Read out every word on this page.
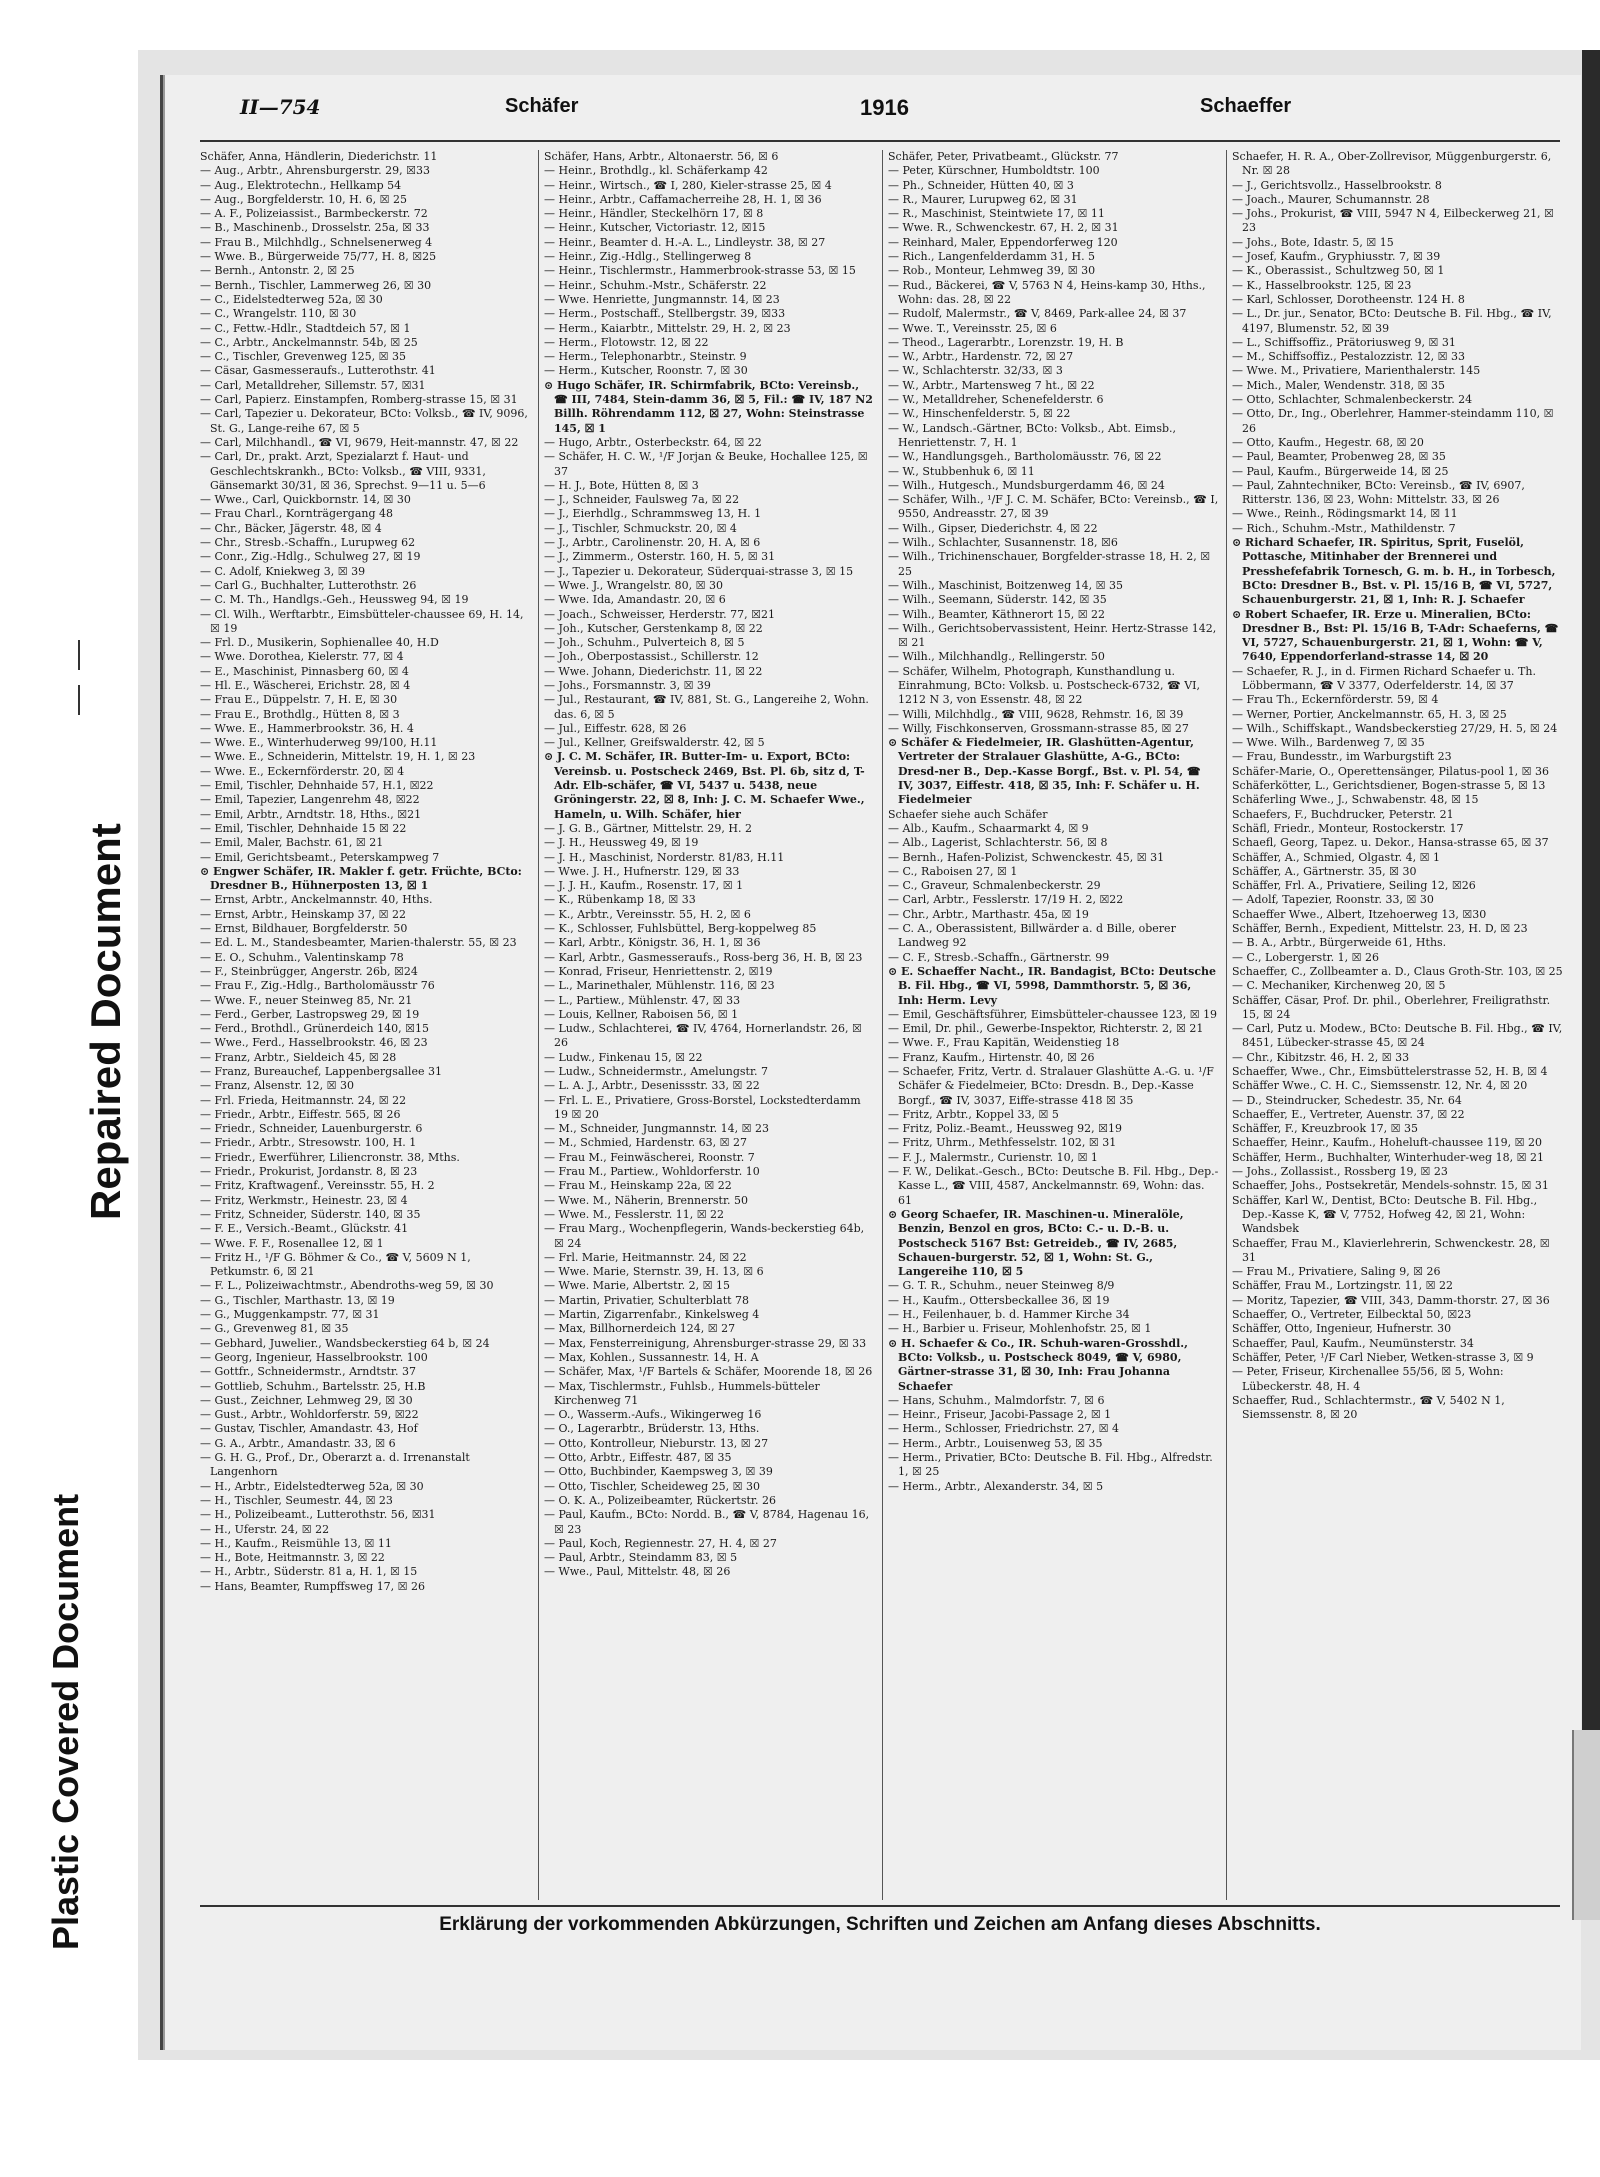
Plastic Covered Document
Repaired Document
II—754	Schäfer	1916	Schaeffer

Schäfer, Anna, Händlerin, Diederichstr. 11

— Aug., Arbtr., Ahrensburgerstr. 29, ☒33

— Aug., Elektrotechn., Hellkamp 54

— Aug., Borgfelderstr. 10, H. 6, ☒ 25

— A. F., Polizeiassist., Barmbeckerstr. 72

— B., Maschinenb., Drosselstr. 25a, ☒ 33

— Frau B., Milchhdlg., Schnelsenerweg 4

— Wwe. B., Bürgerweide 75/77, H. 8, ☒25

— Bernh., Antonstr. 2, ☒ 25

— Bernh., Tischler, Lammerweg 26, ☒ 30

— C., Eidelstedterweg 52a, ☒ 30

— C., Wrangelstr. 110, ☒ 30

— C., Fettw.-Hdlr., Stadtdeich 57, ☒ 1

— C., Arbtr., Anckelmannstr. 54b, ☒ 25

— C., Tischler, Grevenweg 125, ☒ 35

— Cäsar, Gasmesseraufs., Lutterothstr. 41

— Carl, Metalldreher, Sillemstr. 57, ☒31

— Carl, Papierz. Einstampfen, Romberg-strasse 15, ☒ 31

— Carl, Tapezier u. Dekorateur, BCto: Volksb., ☎ IV, 9096, St. G., Lange-reihe 67, ☒ 5

— Carl, Milchhandl., ☎ VI, 9679, Heit-mannstr. 47, ☒ 22

— Carl, Dr., prakt. Arzt, Spezialarzt f. Haut- und Geschlechtskrankh., BCto: Volksb., ☎ VIII, 9331, Gänsemarkt 30/31, ☒ 36, Sprechst. 9—11 u. 5—6

— Wwe., Carl, Quickbornstr. 14, ☒ 30

— Frau Charl., Kornträgergang 48

— Chr., Bäcker, Jägerstr. 48, ☒ 4

— Chr., Stresb.-Schaffn., Lurupweg 62

— Conr., Zig.-Hdlg., Schulweg 27, ☒ 19

— C. Adolf, Kniekweg 3, ☒ 39

— Carl G., Buchhalter, Lutterothstr. 26

— C. M. Th., Handlgs.-Geh., Heussweg 94, ☒ 19

— Cl. Wilh., Werftarbtr., Eimsbütteler-chaussee 69, H. 14, ☒ 19

— Frl. D., Musikerin, Sophienallee 40, H.D

— Wwe. Dorothea, Kielerstr. 77, ☒ 4

— E., Maschinist, Pinnasberg 60, ☒ 4

— Hl. E., Wäscherei, Erichstr. 28, ☒ 4

— Frau E., Düppelstr. 7, H. E, ☒ 30

— Frau E., Brothdlg., Hütten 8, ☒ 3

— Wwe. E., Hammerbrookstr. 36, H. 4

— Wwe. E., Winterhuderweg 99/100, H.11

— Wwe. E., Schneiderin, Mittelstr. 19, H. 1, ☒ 23

— Wwe. E., Eckernförderstr. 20, ☒ 4

— Emil, Tischler, Dehnhaide 57, H.1, ☒22

— Emil, Tapezier, Langenrehm 48, ☒22

— Emil, Arbtr., Arndtstr. 18, Hths., ☒21

— Emil, Tischler, Dehnhaide 15 ☒ 22

— Emil, Maler, Bachstr. 61, ☒ 21

— Emil, Gerichtsbeamt., Peterskampweg 7

⊙ Engwer Schäfer, IR. Makler f. getr. Früchte, BCto: Dresdner B., Hühnerposten 13, ☒ 1

— Ernst, Arbtr., Anckelmannstr. 40, Hths.

— Ernst, Arbtr., Heinskamp 37, ☒ 22

— Ernst, Bildhauer, Borgfelderstr. 50

— Ed. L. M., Standesbeamter, Marien-thalerstr. 55, ☒ 23

— E. O., Schuhm., Valentinskamp 78

— F., Steinbrügger, Angerstr. 26b, ☒24

— Frau F., Zig.-Hdlg., Bartholomäusstr 76

— Wwe. F., neuer Steinweg 85, Nr. 21

— Ferd., Gerber, Lastropsweg 29, ☒ 19

— Ferd., Brothdl., Grünerdeich 140, ☒15

— Wwe., Ferd., Hasselbrookstr. 46, ☒ 23

— Franz, Arbtr., Sieldeich 45, ☒ 28

— Franz, Bureauchef, Lappenbergsallee 31

— Franz, Alsenstr. 12, ☒ 30

— Frl. Frieda, Heitmannstr. 24, ☒ 22

— Friedr., Arbtr., Eiffestr. 565, ☒ 26

— Friedr., Schneider, Lauenburgerstr. 6

— Friedr., Arbtr., Stresowstr. 100, H. 1

— Friedr., Ewerführer, Liliencronstr. 38, Mths.

— Friedr., Prokurist, Jordanstr. 8, ☒ 23

— Fritz, Kraftwagenf., Vereinsstr. 55, H. 2

— Fritz, Werkmstr., Heinestr. 23, ☒ 4

— Fritz, Schneider, Süderstr. 140, ☒ 35

— F. E., Versich.-Beamt., Glückstr. 41

— Wwe. F. F., Rosenallee 12, ☒ 1

— Fritz H., ¹/F G. Böhmer & Co., ☎ V, 5609 N 1, Petkumstr. 6, ☒ 21

— F. L., Polizeiwachtmstr., Abendroths-weg 59, ☒ 30

— G., Tischler, Marthastr. 13, ☒ 19

— G., Muggenkampstr. 77, ☒ 31

— G., Grevenweg 81, ☒ 35

— Gebhard, Juwelier., Wandsbeckerstieg 64 b, ☒ 24

— Georg, Ingenieur, Hasselbrookstr. 100

— Gottfr., Schneidermstr., Arndtstr. 37

— Gottlieb, Schuhm., Bartelsstr. 25, H.B

— Gust., Zeichner, Lehmweg 29, ☒ 30

— Gust., Arbtr., Wohldorferstr. 59, ☒22

— Gustav, Tischler, Amandastr. 43, Hof

— G. A., Arbtr., Amandastr. 33, ☒ 6

— G. H. G., Prof., Dr., Oberarzt a. d. Irrenanstalt Langenhorn

— H., Arbtr., Eidelstedterweg 52a, ☒ 30

— H., Tischler, Seumestr. 44, ☒ 23

— H., Polizeibeamt., Lutterothstr. 56, ☒31

— H., Uferstr. 24, ☒ 22

— H., Kaufm., Reismühle 13, ☒ 11

— H., Bote, Heitmannstr. 3, ☒ 22

— H., Arbtr., Süderstr. 81 a, H. 1, ☒ 15

— Hans, Beamter, Rumpffsweg 17, ☒ 26

Schäfer, Hans, Arbtr., Altonaerstr. 56, ☒ 6

— Heinr., Brothdlg., kl. Schäferkamp 42

— Heinr., Wirtsch., ☎ I, 280, Kieler-strasse 25, ☒ 4

— Heinr., Arbtr., Caffamacherreihe 28, H. 1, ☒ 36

— Heinr., Händler, Steckelhörn 17, ☒ 8

— Heinr., Kutscher, Victoriastr. 12, ☒15

— Heinr., Beamter d. H.-A. L., Lindleystr. 38, ☒ 27

— Heinr., Zig.-Hdlg., Stellingerweg 8

— Heinr., Tischlermstr., Hammerbrook-strasse 53, ☒ 15

— Heinr., Schuhm.-Mstr., Schäferstr. 22

— Wwe. Henriette, Jungmannstr. 14, ☒ 23

— Herm., Postschaff., Stellbergstr. 39, ☒33

— Herm., Kaiarbtr., Mittelstr. 29, H. 2, ☒ 23

— Herm., Flotowstr. 12, ☒ 22

— Herm., Telephonarbtr., Steinstr. 9

— Herm., Kutscher, Roonstr. 7, ☒ 30

⊙ Hugo Schäfer, IR. Schirmfabrik, BCto: Vereinsb., ☎ III, 7484, Stein-damm 36, ☒ 5, Fil.: ☎ IV, 187 N2 Billh. Röhrendamm 112, ☒ 27, Wohn: Steinstrasse 145, ☒ 1

— Hugo, Arbtr., Osterbeckstr. 64, ☒ 22

— Schäfer, H. C. W., ¹/F Jorjan & Beuke, Hochallee 125, ☒ 37

— H. J., Bote, Hütten 8, ☒ 3

— J., Schneider, Faulsweg 7a, ☒ 22

— J., Eierhdlg., Schrammsweg 13, H. 1

— J., Tischler, Schmuckstr. 20, ☒ 4

— J., Arbtr., Carolinenstr. 20, H. A, ☒ 6

— J., Zimmerm., Osterstr. 160, H. 5, ☒ 31

— J., Tapezier u. Dekorateur, Süderquai-strasse 3, ☒ 15

— Wwe. J., Wrangelstr. 80, ☒ 30

— Wwe. Ida, Amandastr. 20, ☒ 6

— Joach., Schweisser, Herderstr. 77, ☒21

— Joh., Kutscher, Gerstenkamp 8, ☒ 22

— Joh., Schuhm., Pulverteich 8, ☒ 5

— Joh., Oberpostassist., Schillerstr. 12

— Wwe. Johann, Diederichstr. 11, ☒ 22

— Johs., Forsmannstr. 3, ☒ 39

— Jul., Restaurant, ☎ IV, 881, St. G., Langereihe 2, Wohn. das. 6, ☒ 5

— Jul., Eiffestr. 628, ☒ 26

— Jul., Kellner, Greifswalderstr. 42, ☒ 5

⊙ J. C. M. Schäfer, IR. Butter-Im- u. Export, BCto: Vereinsb. u. Postscheck 2469, Bst. Pl. 6b, sitz d, T-Adr. Elb-schäfer, ☎ VI, 5437 u. 5438, neue Gröningerstr. 22, ☒ 8, Inh: J. C. M. Schaefer Wwe., Hameln, u. Wilh. Schäfer, hier

— J. G. B., Gärtner, Mittelstr. 29, H. 2

— J. H., Heussweg 49, ☒ 19

— J. H., Maschinist, Norderstr. 81/83, H.11

— Wwe. J. H., Hufnerstr. 129, ☒ 33

— J. J. H., Kaufm., Rosenstr. 17, ☒ 1

— K., Rübenkamp 18, ☒ 33

— K., Arbtr., Vereinsstr. 55, H. 2, ☒ 6

— K., Schlosser, Fuhlsbüttel, Berg-koppelweg 85

— Karl, Arbtr., Königstr. 36, H. 1, ☒ 36

— Karl, Arbtr., Gasmesseraufs., Ross-berg 36, H. B, ☒ 23

— Konrad, Friseur, Henriettenstr. 2, ☒19

— L., Marinethaler, Mühlenstr. 116, ☒ 23

— L., Partiew., Mühlenstr. 47, ☒ 33

— Louis, Kellner, Raboisen 56, ☒ 1

— Ludw., Schlachterei, ☎ IV, 4764, Hornerlandstr. 26, ☒ 26

— Ludw., Finkenau 15, ☒ 22

— Ludw., Schneidermstr., Amelungstr. 7

— L. A. J., Arbtr., Desenissstr. 33, ☒ 22

— Frl. L. E., Privatiere, Gross-Borstel, Lockstedterdamm 19 ☒ 20

— M., Schneider, Jungmannstr. 14, ☒ 23

— M., Schmied, Hardenstr. 63, ☒ 27

— Frau M., Feinwäscherei, Roonstr. 7

— Frau M., Partiew., Wohldorferstr. 10

— Frau M., Heinskamp 22a, ☒ 22

— Wwe. M., Näherin, Brennerstr. 50

— Wwe. M., Fesslerstr. 11, ☒ 22

— Frau Marg., Wochenpflegerin, Wands-beckerstieg 64b, ☒ 24

— Frl. Marie, Heitmannstr. 24, ☒ 22

— Wwe. Marie, Sternstr. 39, H. 13, ☒ 6

— Wwe. Marie, Albertstr. 2, ☒ 15

— Martin, Privatier, Schulterblatt 78

— Martin, Zigarrenfabr., Kinkelsweg 4

— Max, Billhornerdeich 124, ☒ 27

— Max, Fensterreinigung, Ahrensburger-strasse 29, ☒ 33

— Max, Kohlen., Sussannestr. 14, H. A

— Schäfer, Max, ¹/F Bartels & Schäfer, Moorende 18, ☒ 26

— Max, Tischlermstr., Fuhlsb., Hummels-bütteler Kirchenweg 71

— O., Wasserm.-Aufs., Wikingerweg 16

— O., Lagerarbtr., Brüderstr. 13, Hths.

— Otto, Kontrolleur, Nieburstr. 13, ☒ 27

— Otto, Arbtr., Eiffestr. 487, ☒ 35

— Otto, Buchbinder, Kaempsweg 3, ☒ 39

— Otto, Tischler, Scheideweg 25, ☒ 30

— O. K. A., Polizeibeamter, Rückertstr. 26

— Paul, Kaufm., BCto: Nordd. B., ☎ V, 8784, Hagenau 16, ☒ 23

— Paul, Koch, Regiennestr. 27, H. 4, ☒ 27

— Paul, Arbtr., Steindamm 83, ☒ 5

— Wwe., Paul, Mittelstr. 48, ☒ 26

Schäfer, Peter, Privatbeamt., Glückstr. 77

— Peter, Kürschner, Humboldtstr. 100

— Ph., Schneider, Hütten 40, ☒ 3

— R., Maurer, Lurupweg 62, ☒ 31

— R., Maschinist, Steintwiete 17, ☒ 11

— Wwe. R., Schwenckestr. 67, H. 2, ☒ 31

— Reinhard, Maler, Eppendorferweg 120

— Rich., Langenfelderdamm 31, H. 5

— Rob., Monteur, Lehmweg 39, ☒ 30

— Rud., Bäckerei, ☎ V, 5763 N 4, Heins-kamp 30, Hths., Wohn: das. 28, ☒ 22

— Rudolf, Malermstr., ☎ V, 8469, Park-allee 24, ☒ 37

— Wwe. T., Vereinsstr. 25, ☒ 6

— Theod., Lagerarbtr., Lorenzstr. 19, H. B

— W., Arbtr., Hardenstr. 72, ☒ 27

— W., Schlachterstr. 32/33, ☒ 3

— W., Arbtr., Martensweg 7 ht., ☒ 22

— W., Metalldreher, Schenefelderstr. 6

— W., Hinschenfelderstr. 5, ☒ 22

— W., Landsch.-Gärtner, BCto: Volksb., Abt. Eimsb., Henriettenstr. 7, H. 1

— W., Handlungsgeh., Bartholomäusstr. 76, ☒ 22

— W., Stubbenhuk 6, ☒ 11

— Wilh., Hutgesch., Mundsburgerdamm 46, ☒ 24

— Schäfer, Wilh., ¹/F J. C. M. Schäfer, BCto: Vereinsb., ☎ I, 9550, Andreasstr. 27, ☒ 39

— Wilh., Gipser, Diederichstr. 4, ☒ 22

— Wilh., Schlachter, Susannenstr. 18, ☒6

— Wilh., Trichinenschauer, Borgfelder-strasse 18, H. 2, ☒ 25

— Wilh., Maschinist, Boitzenweg 14, ☒ 35

— Wilh., Seemann, Süderstr. 142, ☒ 35

— Wilh., Beamter, Käthnerort 15, ☒ 22

— Wilh., Gerichtsobervassistent, Heinr. Hertz-Strasse 142, ☒ 21

— Wilh., Milchhandlg., Rellingerstr. 50

— Schäfer, Wilhelm, Photograph, Kunsthandlung u. Einrahmung, BCto: Volksb. u. Postscheck-6732, ☎ VI, 1212 N 3, von Essenstr. 48, ☒ 22

— Willi, Milchhdlg., ☎ VIII, 9628, Rehmstr. 16, ☒ 39

— Willy, Fischkonserven, Grossmann-strasse 85, ☒ 27

⊙ Schäfer & Fiedelmeier, IR. Glashütten-Agentur, Vertreter der Stralauer Glashütte, A-G., BCto: Dresd-ner B., Dep.-Kasse Borgf., Bst. v. Pl. 54, ☎ IV, 3037, Eiffestr. 418, ☒ 35, Inh: F. Schäfer u. H. Fiedelmeier

Schaefer siehe auch Schäfer

— Alb., Kaufm., Schaarmarkt 4, ☒ 9

— Alb., Lagerist, Schlachterstr. 56, ☒ 8

— Bernh., Hafen-Polizist, Schwenckestr. 45, ☒ 31

— C., Raboisen 27, ☒ 1

— C., Graveur, Schmalenbeckerstr. 29

— Carl, Arbtr., Fesslerstr. 17/19 H. 2, ☒22

— Chr., Arbtr., Marthastr. 45a, ☒ 19

— C. A., Oberassistent, Billwärder a. d Bille, oberer Landweg 92

— C. F., Stresb.-Schaffn., Gärtnerstr. 99

⊙ E. Schaeffer Nacht., IR. Bandagist, BCto: Deutsche B. Fil. Hbg., ☎ VI, 5998, Dammthorstr. 5, ☒ 36, Inh: Herm. Levy

— Emil, Geschäftsführer, Eimsbütteler-chaussee 123, ☒ 19

— Emil, Dr. phil., Gewerbe-Inspektor, Richterstr. 2, ☒ 21

— Wwe. F., Frau Kapitän, Weidenstieg 18

— Franz, Kaufm., Hirtenstr. 40, ☒ 26

— Schaefer, Fritz, Vertr. d. Stralauer Glashütte A.-G. u. ¹/F Schäfer & Fiedelmeier, BCto: Dresdn. B., Dep.-Kasse Borgf., ☎ IV, 3037, Eiffe-strasse 418 ☒ 35

— Fritz, Arbtr., Koppel 33, ☒ 5

— Fritz, Poliz.-Beamt., Heussweg 92, ☒19

— Fritz, Uhrm., Methfesselstr. 102, ☒ 31

— F. J., Malermstr., Curienstr. 10, ☒ 1

— F. W., Delikat.-Gesch., BCto: Deutsche B. Fil. Hbg., Dep.-Kasse L., ☎ VIII, 4587, Anckelmannstr. 69, Wohn: das. 61

⊙ Georg Schaefer, IR. Maschinen-u. Mineralöle, Benzin, Benzol en gros, BCto: C.- u. D.-B. u. Postscheck 5167 Bst: Getreideb., ☎ IV, 2685, Schauen-burgerstr. 52, ☒ 1, Wohn: St. G., Langereihe 110, ☒ 5

— G. T. R., Schuhm., neuer Steinweg 8/9

— H., Kaufm., Ottersbeckallee 36, ☒ 19

— H., Feilenhauer, b. d. Hammer Kirche 34

— H., Barbier u. Friseur, Mohlenhofstr. 25, ☒ 1

⊙ H. Schaefer & Co., IR. Schuh-waren-Grosshdl., BCto: Volksb., u. Postscheck 8049, ☎ V, 6980, Gärtner-strasse 31, ☒ 30, Inh: Frau Johanna Schaefer

— Hans, Schuhm., Malmdorfstr. 7, ☒ 6

— Heinr., Friseur, Jacobi-Passage 2, ☒ 1

— Herm., Schlosser, Friedrichstr. 27, ☒ 4

— Herm., Arbtr., Louisenweg 53, ☒ 35

— Herm., Privatier, BCto: Deutsche B. Fil. Hbg., Alfredstr. 1, ☒ 25

— Herm., Arbtr., Alexanderstr. 34, ☒ 5

Schaefer, H. R. A., Ober-Zollrevisor, Müggenburgerstr. 6, Nr. ☒ 28

— J., Gerichtsvollz., Hasselbrookstr. 8

— Joach., Maurer, Schumannstr. 28

— Johs., Prokurist, ☎ VIII, 5947 N 4, Eilbeckerweg 21, ☒ 23

— Johs., Bote, Idastr. 5, ☒ 15

— Josef, Kaufm., Gryphiusstr. 7, ☒ 39

— K., Oberassist., Schultzweg 50, ☒ 1

— K., Hasselbrookstr. 125, ☒ 23

— Karl, Schlosser, Dorotheenstr. 124 H. 8

— L., Dr. jur., Senator, BCto: Deutsche B. Fil. Hbg., ☎ IV, 4197, Blumenstr. 52, ☒ 39

— L., Schiffsoffiz., Prätoriusweg 9, ☒ 31

— M., Schiffsoffiz., Pestalozzistr. 12, ☒ 33

— Wwe. M., Privatiere, Marienthalerstr. 145

— Mich., Maler, Wendenstr. 318, ☒ 35

— Otto, Schlachter, Schmalenbeckerstr. 24

— Otto, Dr., Ing., Oberlehrer, Hammer-steindamm 110, ☒ 26

— Otto, Kaufm., Hegestr. 68, ☒ 20

— Paul, Beamter, Probenweg 28, ☒ 35

— Paul, Kaufm., Bürgerweide 14, ☒ 25

— Paul, Zahntechniker, BCto: Vereinsb., ☎ IV, 6907, Ritterstr. 136, ☒ 23, Wohn: Mittelstr. 33, ☒ 26

— Wwe., Reinh., Rödingsmarkt 14, ☒ 11

— Rich., Schuhm.-Mstr., Mathildenstr. 7

⊙ Richard Schaefer, IR. Spiritus, Sprit, Fuselöl, Pottasche, Mitinhaber der Brennerei und Presshefefabrik Tornesch, G. m. b. H., in Torbesch, BCto: Dresdner B., Bst. v. Pl. 15/16 B, ☎ VI, 5727, Schauenburgerstr. 21, ☒ 1, Inh: R. J. Schaefer

⊙ Robert Schaefer, IR. Erze u. Mineralien, BCto: Dresdner B., Bst: Pl. 15/16 B, T-Adr: Schaeferns, ☎ VI, 5727, Schauenburgerstr. 21, ☒ 1, Wohn: ☎ V, 7640, Eppendorferland-strasse 14, ☒ 20

— Schaefer, R. J., in d. Firmen Richard Schaefer u. Th. Löbbermann, ☎ V 3377, Oderfelderstr. 14, ☒ 37

— Frau Th., Eckernförderstr. 59, ☒ 4

— Werner, Portier, Anckelmannstr. 65, H. 3, ☒ 25

— Wilh., Schiffskapt., Wandsbeckerstieg 27/29, H. 5, ☒ 24

— Wwe. Wilh., Bardenweg 7, ☒ 35

— Frau, Bundesstr., im Warburgstift 23

Schäfer-Marie, O., Operettensänger, Pilatus-pool 1, ☒ 36

Schäferkötter, L., Gerichtsdiener, Bogen-strasse 5, ☒ 13

Schäferling Wwe., J., Schwabenstr. 48, ☒ 15

Schaefers, F., Buchdrucker, Peterstr. 21

Schäfl, Friedr., Monteur, Rostockerstr. 17

Schaefl, Georg, Tapez. u. Dekor., Hansa-strasse 65, ☒ 37

Schäffer, A., Schmied, Olgastr. 4, ☒ 1

Schäffer, A., Gärtnerstr. 35, ☒ 30

Schäffer, Frl. A., Privatiere, Seiling 12, ☒26

— Adolf, Tapezier, Roonstr. 33, ☒ 30

Schaeffer Wwe., Albert, Itzehoerweg 13, ☒30

Schäffer, Bernh., Expedient, Mittelstr. 23, H. D, ☒ 23

— B. A., Arbtr., Bürgerweide 61, Hths.

— C., Lobergerstr. 1, ☒ 26

Schaeffer, C., Zollbeamter a. D., Claus Groth-Str. 103, ☒ 25

— C. Mechaniker, Kirchenweg 20, ☒ 5

Schäffer, Cäsar, Prof. Dr. phil., Oberlehrer, Freiligrathstr. 15, ☒ 24

— Carl, Putz u. Modew., BCto: Deutsche B. Fil. Hbg., ☎ IV, 8451, Lübecker-strasse 45, ☒ 24

— Chr., Kibitzstr. 46, H. 2, ☒ 33

Schaeffer, Wwe., Chr., Eimsbüttelerstrasse 52, H. B, ☒ 4

Schäffer Wwe., C. H. C., Siemssenstr. 12, Nr. 4, ☒ 20

— D., Steindrucker, Schedestr. 35, Nr. 64

Schaeffer, E., Vertreter, Auenstr. 37, ☒ 22

Schäffer, F., Kreuzbrook 17, ☒ 35

Schaeffer, Heinr., Kaufm., Hoheluft-chaussee 119, ☒ 20

Schäffer, Herm., Buchhalter, Winterhuder-weg 18, ☒ 21

— Johs., Zollassist., Rossberg 19, ☒ 23

Schaeffer, Johs., Postsekretär, Mendels-sohnstr. 15, ☒ 31

Schäffer, Karl W., Dentist, BCto: Deutsche B. Fil. Hbg., Dep.-Kasse K, ☎ V, 7752, Hofweg 42, ☒ 21, Wohn: Wandsbek

Schaeffer, Frau M., Klavierlehrerin, Schwenckestr. 28, ☒ 31

— Frau M., Privatiere, Saling 9, ☒ 26

Schäffer, Frau M., Lortzingstr. 11, ☒ 22

— Moritz, Tapezier, ☎ VIII, 343, Damm-thorstr. 27, ☒ 36

Schaeffer, O., Vertreter, Eilbecktal 50, ☒23

Schäffer, Otto, Ingenieur, Hufnerstr. 30

Schaeffer, Paul, Kaufm., Neumünsterstr. 34

Schäffer, Peter, ¹/F Carl Nieber, Wetken-strasse 3, ☒ 9

— Peter, Friseur, Kirchenallee 55/56, ☒ 5, Wohn: Lübeckerstr. 48, H. 4

Schaeffer, Rud., Schlachtermstr., ☎ V, 5402 N 1, Siemssenstr. 8, ☒ 20

Erklärung der vorkommenden Abkürzungen, Schriften und Zeichen am Anfang dieses Abschnitts.
